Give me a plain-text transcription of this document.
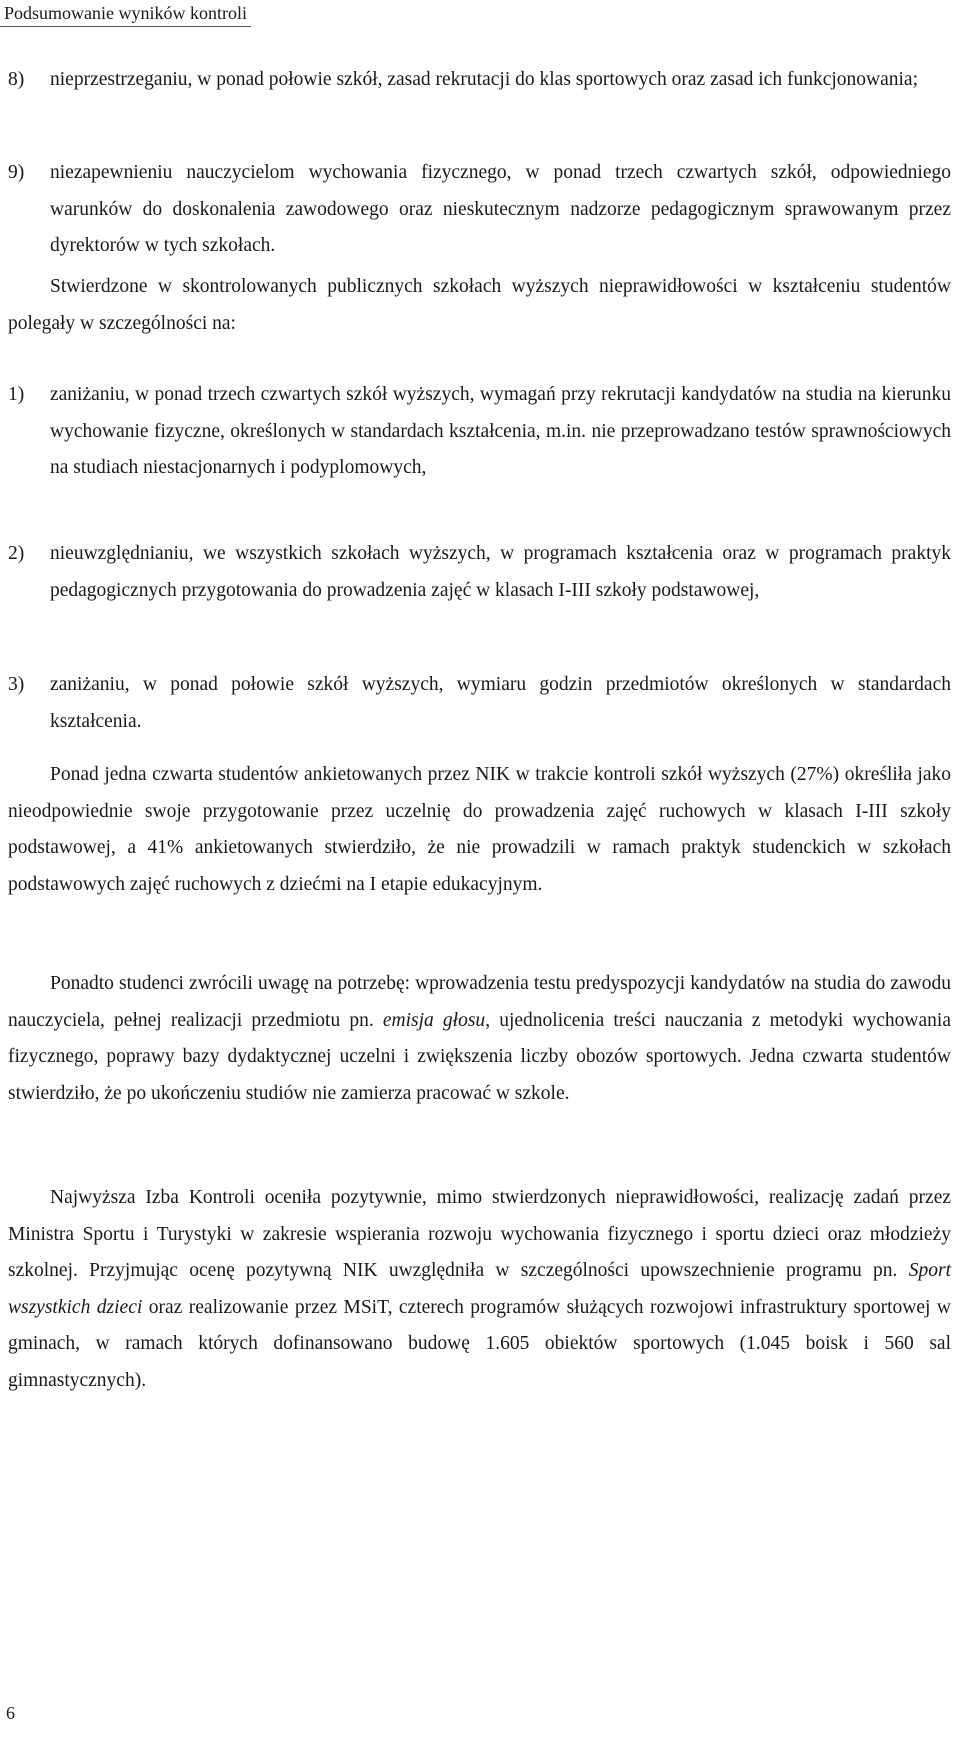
Podsumowanie wyników kontroli
8)	nieprzestrzeganiu, w ponad połowie szkół, zasad rekrutacji do klas sportowych oraz zasad ich funkcjonowania;
9)	niezapewnieniu nauczycielom wychowania fizycznego, w ponad trzech czwartych szkół, odpowiedniego warunków do doskonalenia zawodowego oraz nieskutecznym nadzorze pedagogicznym sprawowanym przez dyrektorów w tych szkołach.

Stwierdzone w skontrolowanych publicznych szkołach wyższych nieprawidłowości w kształceniu studentów polegały w szczególności na:

1)	zaniżaniu, w ponad trzech czwartych szkół wyższych, wymagań przy rekrutacji kandydatów na studia na kierunku wychowanie fizyczne, określonych w standardach kształcenia, m.in. nie przeprowadzano testów sprawnościowych na studiach niestacjonarnych i podyplomowych,
2)	nieuwzględnianiu, we wszystkich szkołach wyższych, w programach kształcenia oraz w programach praktyk pedagogicznych przygotowania do prowadzenia zajęć w klasach I-III szkoły podstawowej,
3)	zaniżaniu, w ponad połowie szkół wyższych, wymiaru godzin przedmiotów określonych w standardach kształcenia.

Ponad jedna czwarta studentów ankietowanych przez NIK w trakcie kontroli szkół wyższych (27%) określiła jako nieodpowiednie swoje przygotowanie przez uczelnię do prowadzenia zajęć ruchowych w klasach I-III szkoły podstawowej, a 41% ankietowanych stwierdziło, że nie prowadzili w ramach praktyk studenckich w szkołach podstawowych zajęć ruchowych z dziećmi na I etapie edukacyjnym.

Ponadto studenci zwrócili uwagę na potrzebę: wprowadzenia testu predyspozycji kandydatów na studia do zawodu nauczyciela, pełnej realizacji przedmiotu pn. emisja głosu, ujednolicenia treści nauczania z metodyki wychowania fizycznego, poprawy bazy dydaktycznej uczelni i zwiększenia liczby obozów sportowych. Jedna czwarta studentów stwierdziło, że po ukończeniu studiów nie zamierza pracować w szkole.

Najwyższa Izba Kontroli oceniła pozytywnie, mimo stwierdzonych nieprawidłowości, realizację zadań przez Ministra Sportu i Turystyki w zakresie wspierania rozwoju wychowania fizycznego i sportu dzieci oraz młodzieży szkolnej. Przyjmując ocenę pozytywną NIK uwzględniła w szczególności upowszechnienie programu pn. Sport wszystkich dzieci oraz realizowanie przez MSiT, czterech programów służących rozwojowi infrastruktury sportowej w gminach, w ramach których dofinansowano budowę 1.605 obiektów sportowych (1.045 boisk i 560 sal gimnastycznych).

6
